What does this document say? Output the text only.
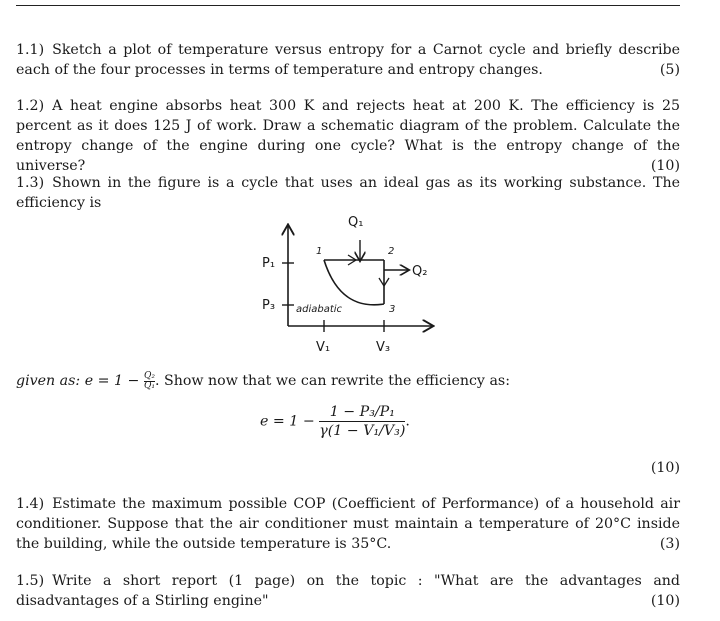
1.1) Sketch a plot of temperature versus entropy for a Carnot cycle and briefly describe each of the four processes in terms of temperature and entropy changes.	(5)

1.2) A heat engine absorbs heat 300 K and rejects heat at 200 K. The efficiency is 25 percent as it does 125 J of work. Draw a schematic diagram of the problem. Calculate the entropy change of the engine during one cycle? What is the entropy change of the universe?	(10)

1.3) Shown in the figure is a cycle that uses an ideal gas as its working substance. The efficiency is

Q₁
Q₂
P₁
P₃
V₁	V₃
1	2
3
adiabatic

given as: $e = 1 - \frac{\text{Q₂}}{\text{Q₁}}$ . Show now that we can rewrite the efficiency as:

$e = 1 - \frac{\text{1 − P₃/P₁}}{\text{γ(1 − V₁/V₃)}}$ .

(10)

1.4) Estimate the maximum possible COP (Coefficient of Performance) of a household air conditioner. Suppose that the air conditioner must maintain a temperature of 20°C inside the building, while the outside temperature is 35°C.	(3)

1.5) Write a short report (1 page) on the topic : "What are the advantages and disadvantages of a Stirling engine"	(10)
